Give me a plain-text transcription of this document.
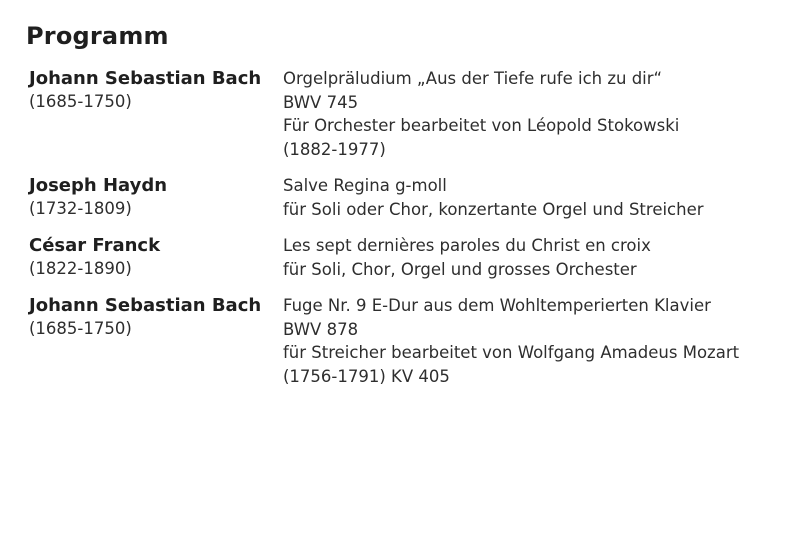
Programm
Johann Sebastian Bach
(1685-1750)
Orgelpräludium „Aus der Tiefe rufe ich zu dir“
BWV 745
Für Orchester bearbeitet von Léopold Stokowski
(1882-1977)
Joseph Haydn
(1732-1809)
Salve Regina g-moll
für Soli oder Chor, konzertante Orgel und Streicher
César Franck
(1822-1890)
Les sept dernières paroles du Christ en croix
für Soli, Chor, Orgel und grosses Orchester
Johann Sebastian Bach
(1685-1750)
Fuge Nr. 9 E-Dur aus dem Wohltemperierten Klavier
BWV 878
für Streicher bearbeitet von Wolfgang Amadeus Mozart
(1756-1791) KV 405
